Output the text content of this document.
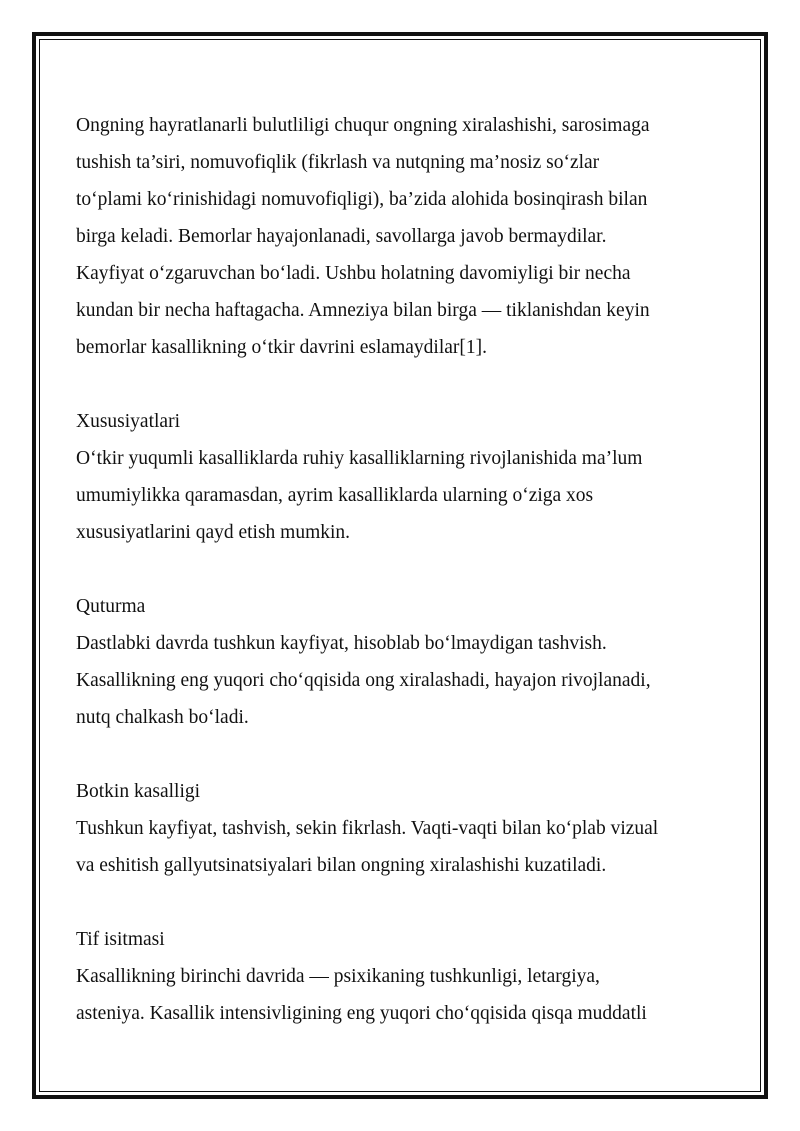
Ongning hayratlanarli bulutliligi chuqur ongning xiralashishi, sarosimaga
tushish ta’siri, nomuvofiqlik (fikrlash va nutqning ma’nosiz so‘zlar
to‘plami ko‘rinishidagi nomuvofiqligi), ba’zida alohida bosinqirash bilan
birga keladi. Bemorlar hayajonlanadi, savollarga javob bermaydilar.
Kayfiyat o‘zgaruvchan bo‘ladi. Ushbu holatning davomiyligi bir necha
kundan bir necha haftagacha. Amneziya bilan birga — tiklanishdan keyin
bemorlar kasallikning o‘tkir davrini eslamaydilar[1].

Xususiyatlari

O‘tkir yuqumli kasalliklarda ruhiy kasalliklarning rivojlanishida ma’lum
umumiylikka qaramasdan, ayrim kasalliklarda ularning o‘ziga xos
xususiyatlarini qayd etish mumkin.

Quturma

Dastlabki davrda tushkun kayfiyat, hisoblab bo‘lmaydigan tashvish.
Kasallikning eng yuqori cho‘qqisida ong xiralashadi, hayajon rivojlanadi,
nutq chalkash bo‘ladi.

Botkin kasalligi

Tushkun kayfiyat, tashvish, sekin fikrlash. Vaqti-vaqti bilan ko‘plab vizual
va eshitish gallyutsinatsiyalari bilan ongning xiralashishi kuzatiladi.

Tif isitmasi

Kasallikning birinchi davrida — psixikaning tushkunligi, letargiya,
asteniya. Kasallik intensivligining eng yuqori cho‘qqisida qisqa muddatli
